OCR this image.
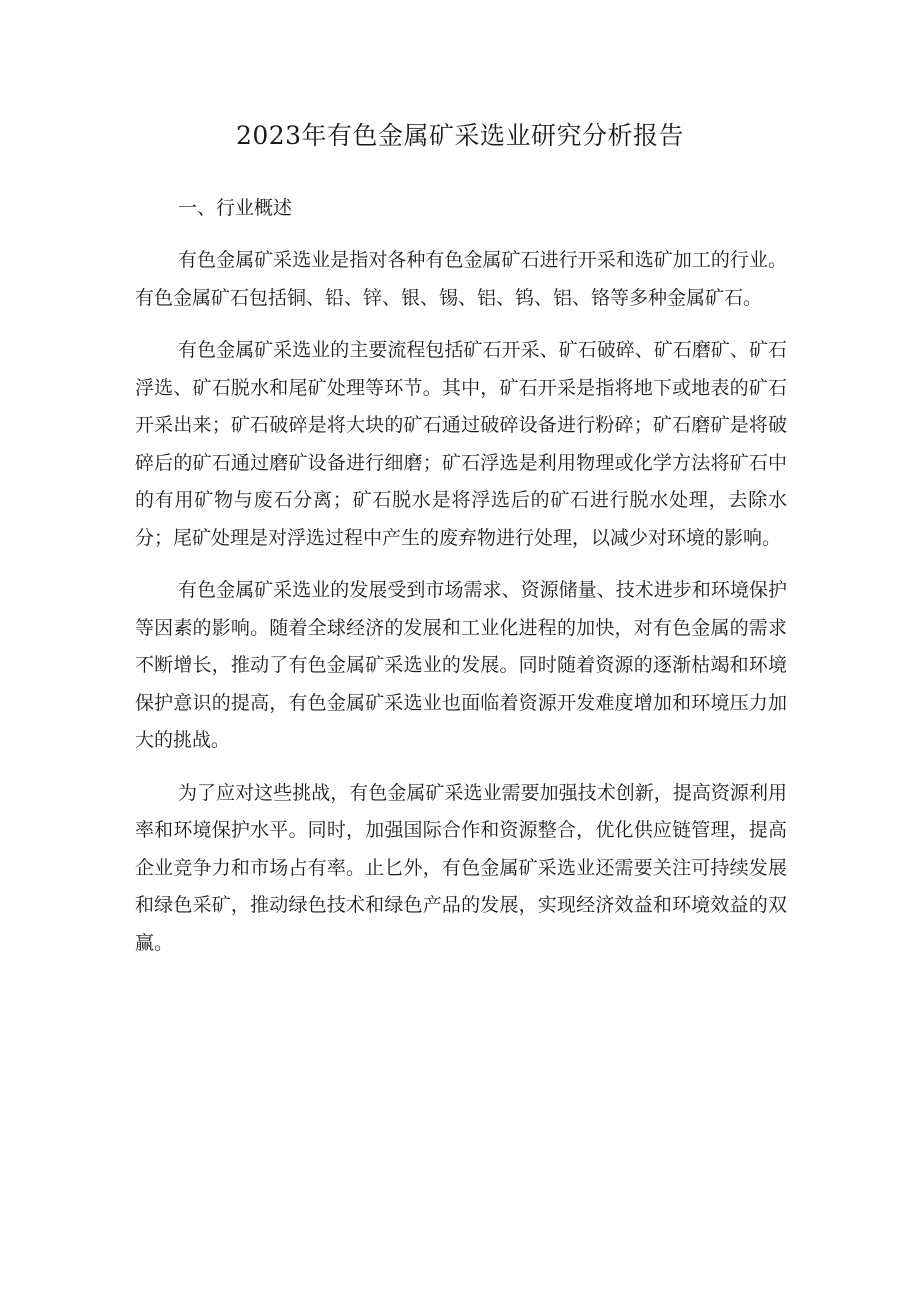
2023年有色金属矿采选业研究分析报告
一、行业概述

有色金属矿采选业是指对各种有色金属矿石进行开采和选矿加工的行业。有色金属矿石包括铜、铅、锌、银、锡、铝、钨、铝、铬等多种金属矿石。

有色金属矿采选业的主要流程包括矿石开采、矿石破碎、矿石磨矿、矿石浮选、矿石脱水和尾矿处理等环节。其中，矿石开采是指将地下或地表的矿石开采出来；矿石破碎是将大块的矿石通过破碎设备进行粉碎；矿石磨矿是将破碎后的矿石通过磨矿设备进行细磨；矿石浮选是利用物理或化学方法将矿石中的有用矿物与废石分离；矿石脱水是将浮选后的矿石进行脱水处理，去除水分；尾矿处理是对浮选过程中产生的废弃物进行处理，以减少对环境的影响。

有色金属矿采选业的发展受到市场需求、资源储量、技术进步和环境保护等因素的影响。随着全球经济的发展和工业化进程的加快，对有色金属的需求不断增长，推动了有色金属矿采选业的发展。同时随着资源的逐渐枯竭和环境保护意识的提高，有色金属矿采选业也面临着资源开发难度增加和环境压力加大的挑战。

为了应对这些挑战，有色金属矿采选业需要加强技术创新，提高资源利用率和环境保护水平。同时，加强国际合作和资源整合，优化供应链管理，提高企业竞争力和市场占有率。止匕外，有色金属矿采选业还需要关注可持续发展和绿色采矿，推动绿色技术和绿色产品的发展，实现经济效益和环境效益的双赢。
